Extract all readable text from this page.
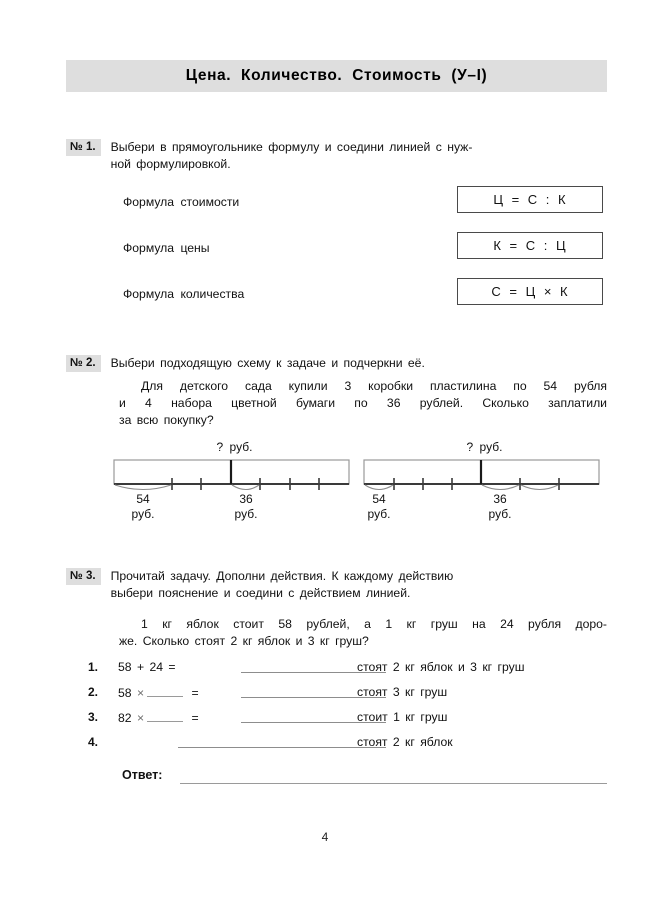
Цена. Количество. Стоимость (У–I)
№ 1.	Выбери в прямоугольнике формулу и соедини линией с нуж-
ной формулировкой.
Формула стоимости	Ц = С : К
Формула цены	К = С : Ц
Формула количества	С = Ц × К
№ 2.	Выбери подходящую схему к задаче и подчеркни её.
Для детского сада купили 3 коробки пластилина по 54 рубля
и 4 набора цветной бумаги по 36 рублей. Сколько заплатили
за всю покупку?
? руб.
54
руб.
36
руб.
? руб.
54
руб.
36
руб.
№ 3.	Прочитай задачу. Дополни действия. К каждому действию
выбери пояснение и соедини с действием линией.
1 кг яблок стоит 58 рублей, а 1 кг груш на 24 рубля доро-
же. Сколько стоят 2 кг яблок и 3 кг груш?
1. 58 + 24 =	стоят 2 кг яблок и 3 кг груш
2. 58 ×	=	стоят 3 кг груш
3. 82 ×	=	стоит 1 кг груш
4.	стоят 2 кг яблок
Ответ:
4
